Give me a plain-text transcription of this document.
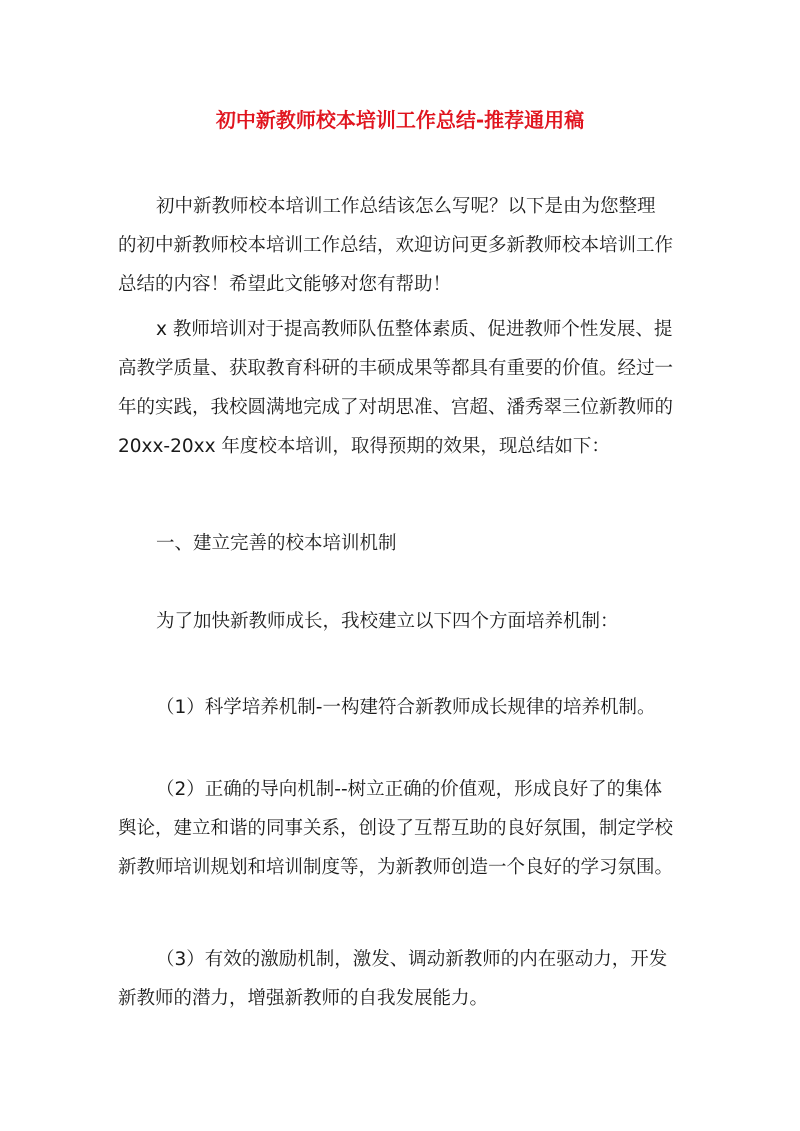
初中新教师校本培训工作总结-推荐通用稿
初中新教师校本培训工作总结该怎么写呢？以下是由为您整理
的初中新教师校本培训工作总结，欢迎访问更多新教师校本培训工作
总结的内容！希望此文能够对您有帮助！
x 教师培训对于提高教师队伍整体素质、促进教师个性发展、提
高教学质量、获取教育科研的丰硕成果等都具有重要的价值。经过一
年的实践，我校圆满地完成了对胡思准、宫超、潘秀翠三位新教师的
20xx-20xx 年度校本培训，取得预期的效果，现总结如下：
一、建立完善的校本培训机制
为了加快新教师成长，我校建立以下四个方面培养机制：
（1）科学培养机制-一构建符合新教师成长规律的培养机制。
（2）正确的导向机制--树立正确的价值观，形成良好了的集体
舆论，建立和谐的同事关系，创设了互帮互助的良好氛围，制定学校
新教师培训规划和培训制度等，为新教师创造一个良好的学习氛围。
（3）有效的激励机制，激发、调动新教师的内在驱动力，开发
新教师的潜力，增强新教师的自我发展能力。
